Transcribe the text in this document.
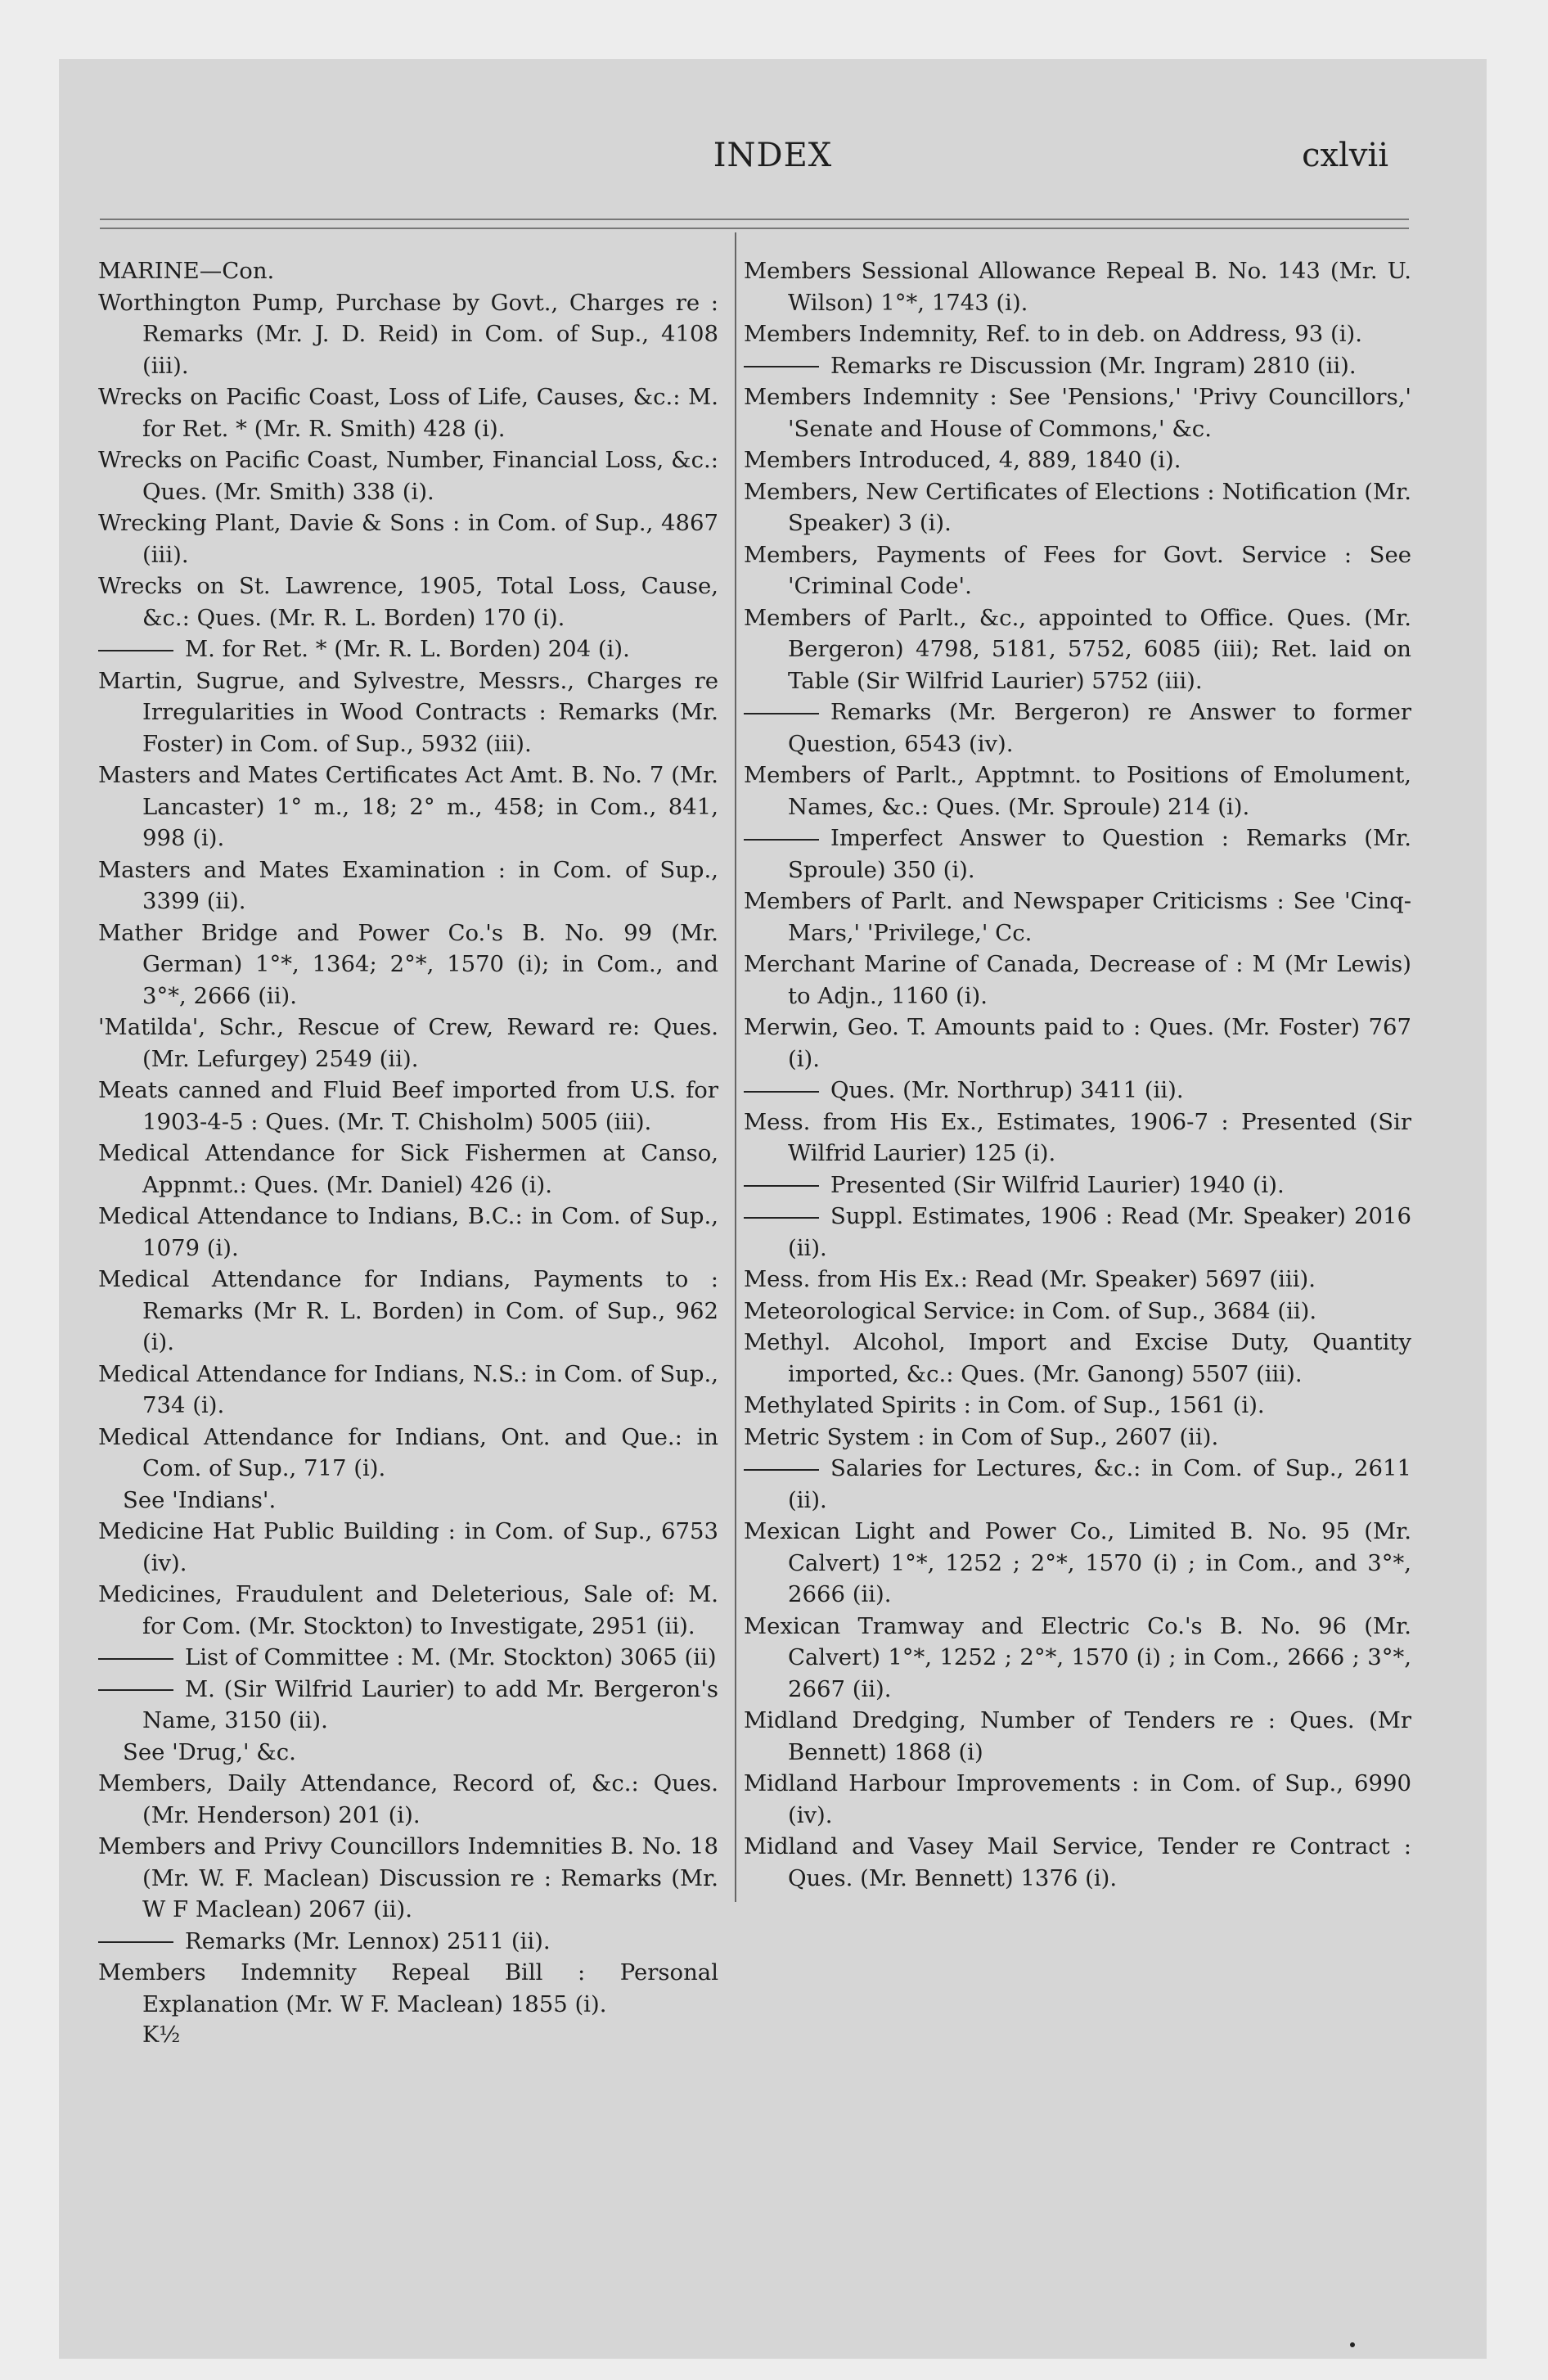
INDEX	cxlvii

MARINE—Con.

Worthington Pump, Purchase by Govt., Charges re : Remarks (Mr. J. D. Reid) in Com. of Sup., 4108 (iii).

Wrecks on Pacific Coast, Loss of Life, Causes, &c.: M. for Ret. * (Mr. R. Smith) 428 (i).

Wrecks on Pacific Coast, Number, Financial Loss, &c.: Ques. (Mr. Smith) 338 (i).

Wrecking Plant, Davie & Sons : in Com. of Sup., 4867 (iii).

Wrecks on St. Lawrence, 1905, Total Loss, Cause, &c.: Ques. (Mr. R. L. Borden) 170 (i).

M. for Ret. * (Mr. R. L. Borden) 204 (i).

Martin, Sugrue, and Sylvestre, Messrs., Charges re Irregularities in Wood Contracts : Remarks (Mr. Foster) in Com. of Sup., 5932 (iii).

Masters and Mates Certificates Act Amt. B. No. 7 (Mr. Lancaster) 1° m., 18; 2° m., 458; in Com., 841, 998 (i).

Masters and Mates Examination : in Com. of Sup., 3399 (ii).

Mather Bridge and Power Co.'s B. No. 99 (Mr. German) 1°*, 1364; 2°*, 1570 (i); in Com., and 3°*, 2666 (ii).

'Matilda', Schr., Rescue of Crew, Reward re: Ques. (Mr. Lefurgey) 2549 (ii).

Meats canned and Fluid Beef imported from U.S. for 1903-4-5 : Ques. (Mr. T. Chisholm) 5005 (iii).

Medical Attendance for Sick Fishermen at Canso, Appnmt.: Ques. (Mr. Daniel) 426 (i).

Medical Attendance to Indians, B.C.: in Com. of Sup., 1079 (i).

Medical Attendance for Indians, Payments to : Remarks (Mr R. L. Borden) in Com. of Sup., 962 (i).

Medical Attendance for Indians, N.S.: in Com. of Sup., 734 (i).

Medical Attendance for Indians, Ont. and Que.: in Com. of Sup., 717 (i).

See 'Indians'.

Medicine Hat Public Building : in Com. of Sup., 6753 (iv).

Medicines, Fraudulent and Deleterious, Sale of: M. for Com. (Mr. Stockton) to Investigate, 2951 (ii).

List of Committee : M. (Mr. Stockton) 3065 (ii)

M. (Sir Wilfrid Laurier) to add Mr. Bergeron's Name, 3150 (ii).

See 'Drug,' &c.

Members, Daily Attendance, Record of, &c.: Ques. (Mr. Henderson) 201 (i).

Members and Privy Councillors Indemnities B. No. 18 (Mr. W. F. Maclean) Discussion re : Remarks (Mr. W F Maclean) 2067 (ii).

Remarks (Mr. Lennox) 2511 (ii).

Members Indemnity Repeal Bill : Personal Explanation (Mr. W F. Maclean) 1855 (i).

K½

Members Sessional Allowance Repeal B. No. 143 (Mr. U. Wilson) 1°*, 1743 (i).

Members Indemnity, Ref. to in deb. on Address, 93 (i).

Remarks re Discussion (Mr. Ingram) 2810 (ii).

Members Indemnity : See 'Pensions,' 'Privy Councillors,' 'Senate and House of Commons,' &c.

Members Introduced, 4, 889, 1840 (i).

Members, New Certificates of Elections : Notification (Mr. Speaker) 3 (i).

Members, Payments of Fees for Govt. Service : See 'Criminal Code'.

Members of Parlt., &c., appointed to Office. Ques. (Mr. Bergeron) 4798, 5181, 5752, 6085 (iii); Ret. laid on Table (Sir Wilfrid Laurier) 5752 (iii).

Remarks (Mr. Bergeron) re Answer to former Question, 6543 (iv).

Members of Parlt., Apptmnt. to Positions of Emolument, Names, &c.: Ques. (Mr. Sproule) 214 (i).

Imperfect Answer to Question : Remarks (Mr. Sproule) 350 (i).

Members of Parlt. and Newspaper Criticisms : See 'Cinq-Mars,' 'Privilege,' Cc.

Merchant Marine of Canada, Decrease of : M (Mr Lewis) to Adjn., 1160 (i).

Merwin, Geo. T. Amounts paid to : Ques. (Mr. Foster) 767 (i).

Ques. (Mr. Northrup) 3411 (ii).

Mess. from His Ex., Estimates, 1906-7 : Presented (Sir Wilfrid Laurier) 125 (i).

Presented (Sir Wilfrid Laurier) 1940 (i).

Suppl. Estimates, 1906 : Read (Mr. Speaker) 2016 (ii).

Mess. from His Ex.: Read (Mr. Speaker) 5697 (iii).

Meteorological Service: in Com. of Sup., 3684 (ii).

Methyl. Alcohol, Import and Excise Duty, Quantity imported, &c.: Ques. (Mr. Ganong) 5507 (iii).

Methylated Spirits : in Com. of Sup., 1561 (i).

Metric System : in Com of Sup., 2607 (ii).

Salaries for Lectures, &c.: in Com. of Sup., 2611 (ii).

Mexican Light and Power Co., Limited B. No. 95 (Mr. Calvert) 1°*, 1252 ; 2°*, 1570 (i) ; in Com., and 3°*, 2666 (ii).

Mexican Tramway and Electric Co.'s B. No. 96 (Mr. Calvert) 1°*, 1252 ; 2°*, 1570 (i) ; in Com., 2666 ; 3°*, 2667 (ii).

Midland Dredging, Number of Tenders re : Ques. (Mr Bennett) 1868 (i)

Midland Harbour Improvements : in Com. of Sup., 6990 (iv).

Midland and Vasey Mail Service, Tender re Contract : Ques. (Mr. Bennett) 1376 (i).
